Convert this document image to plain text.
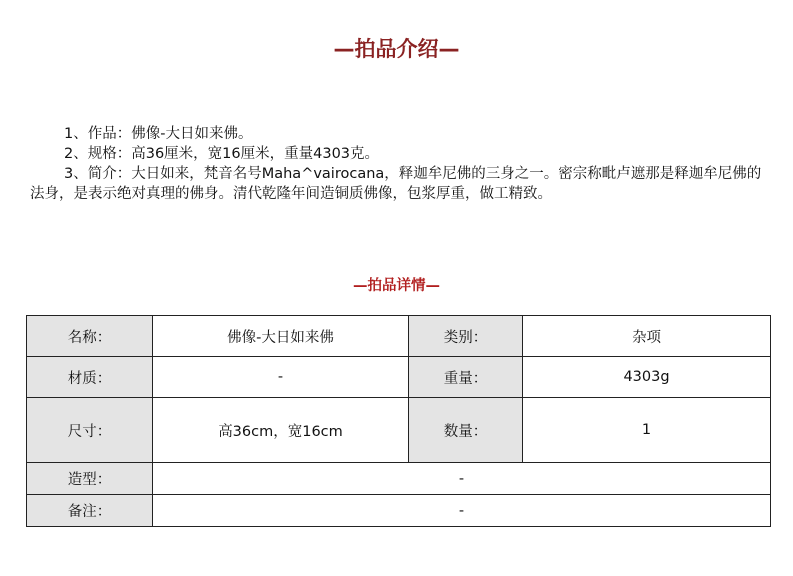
—拍品介绍—

1、作品：佛像-大日如来佛。

2、规格：高36厘米，宽16厘米，重量4303克。

3、简介：大日如来，梵音名号Maha^vairocana，释迦牟尼佛的三身之一。密宗称毗卢遮那是释迦牟尼佛的法身，是表示绝对真理的佛身。清代乾隆年间造铜质佛像，包浆厚重，做工精致。

—拍品详情—
名称：	佛像-大日如来佛	类别：	杂项
材质：	-	重量：	4303g
尺寸：	高36cm，宽16cm	数量：	1
造型：	-		
备注：	-		
